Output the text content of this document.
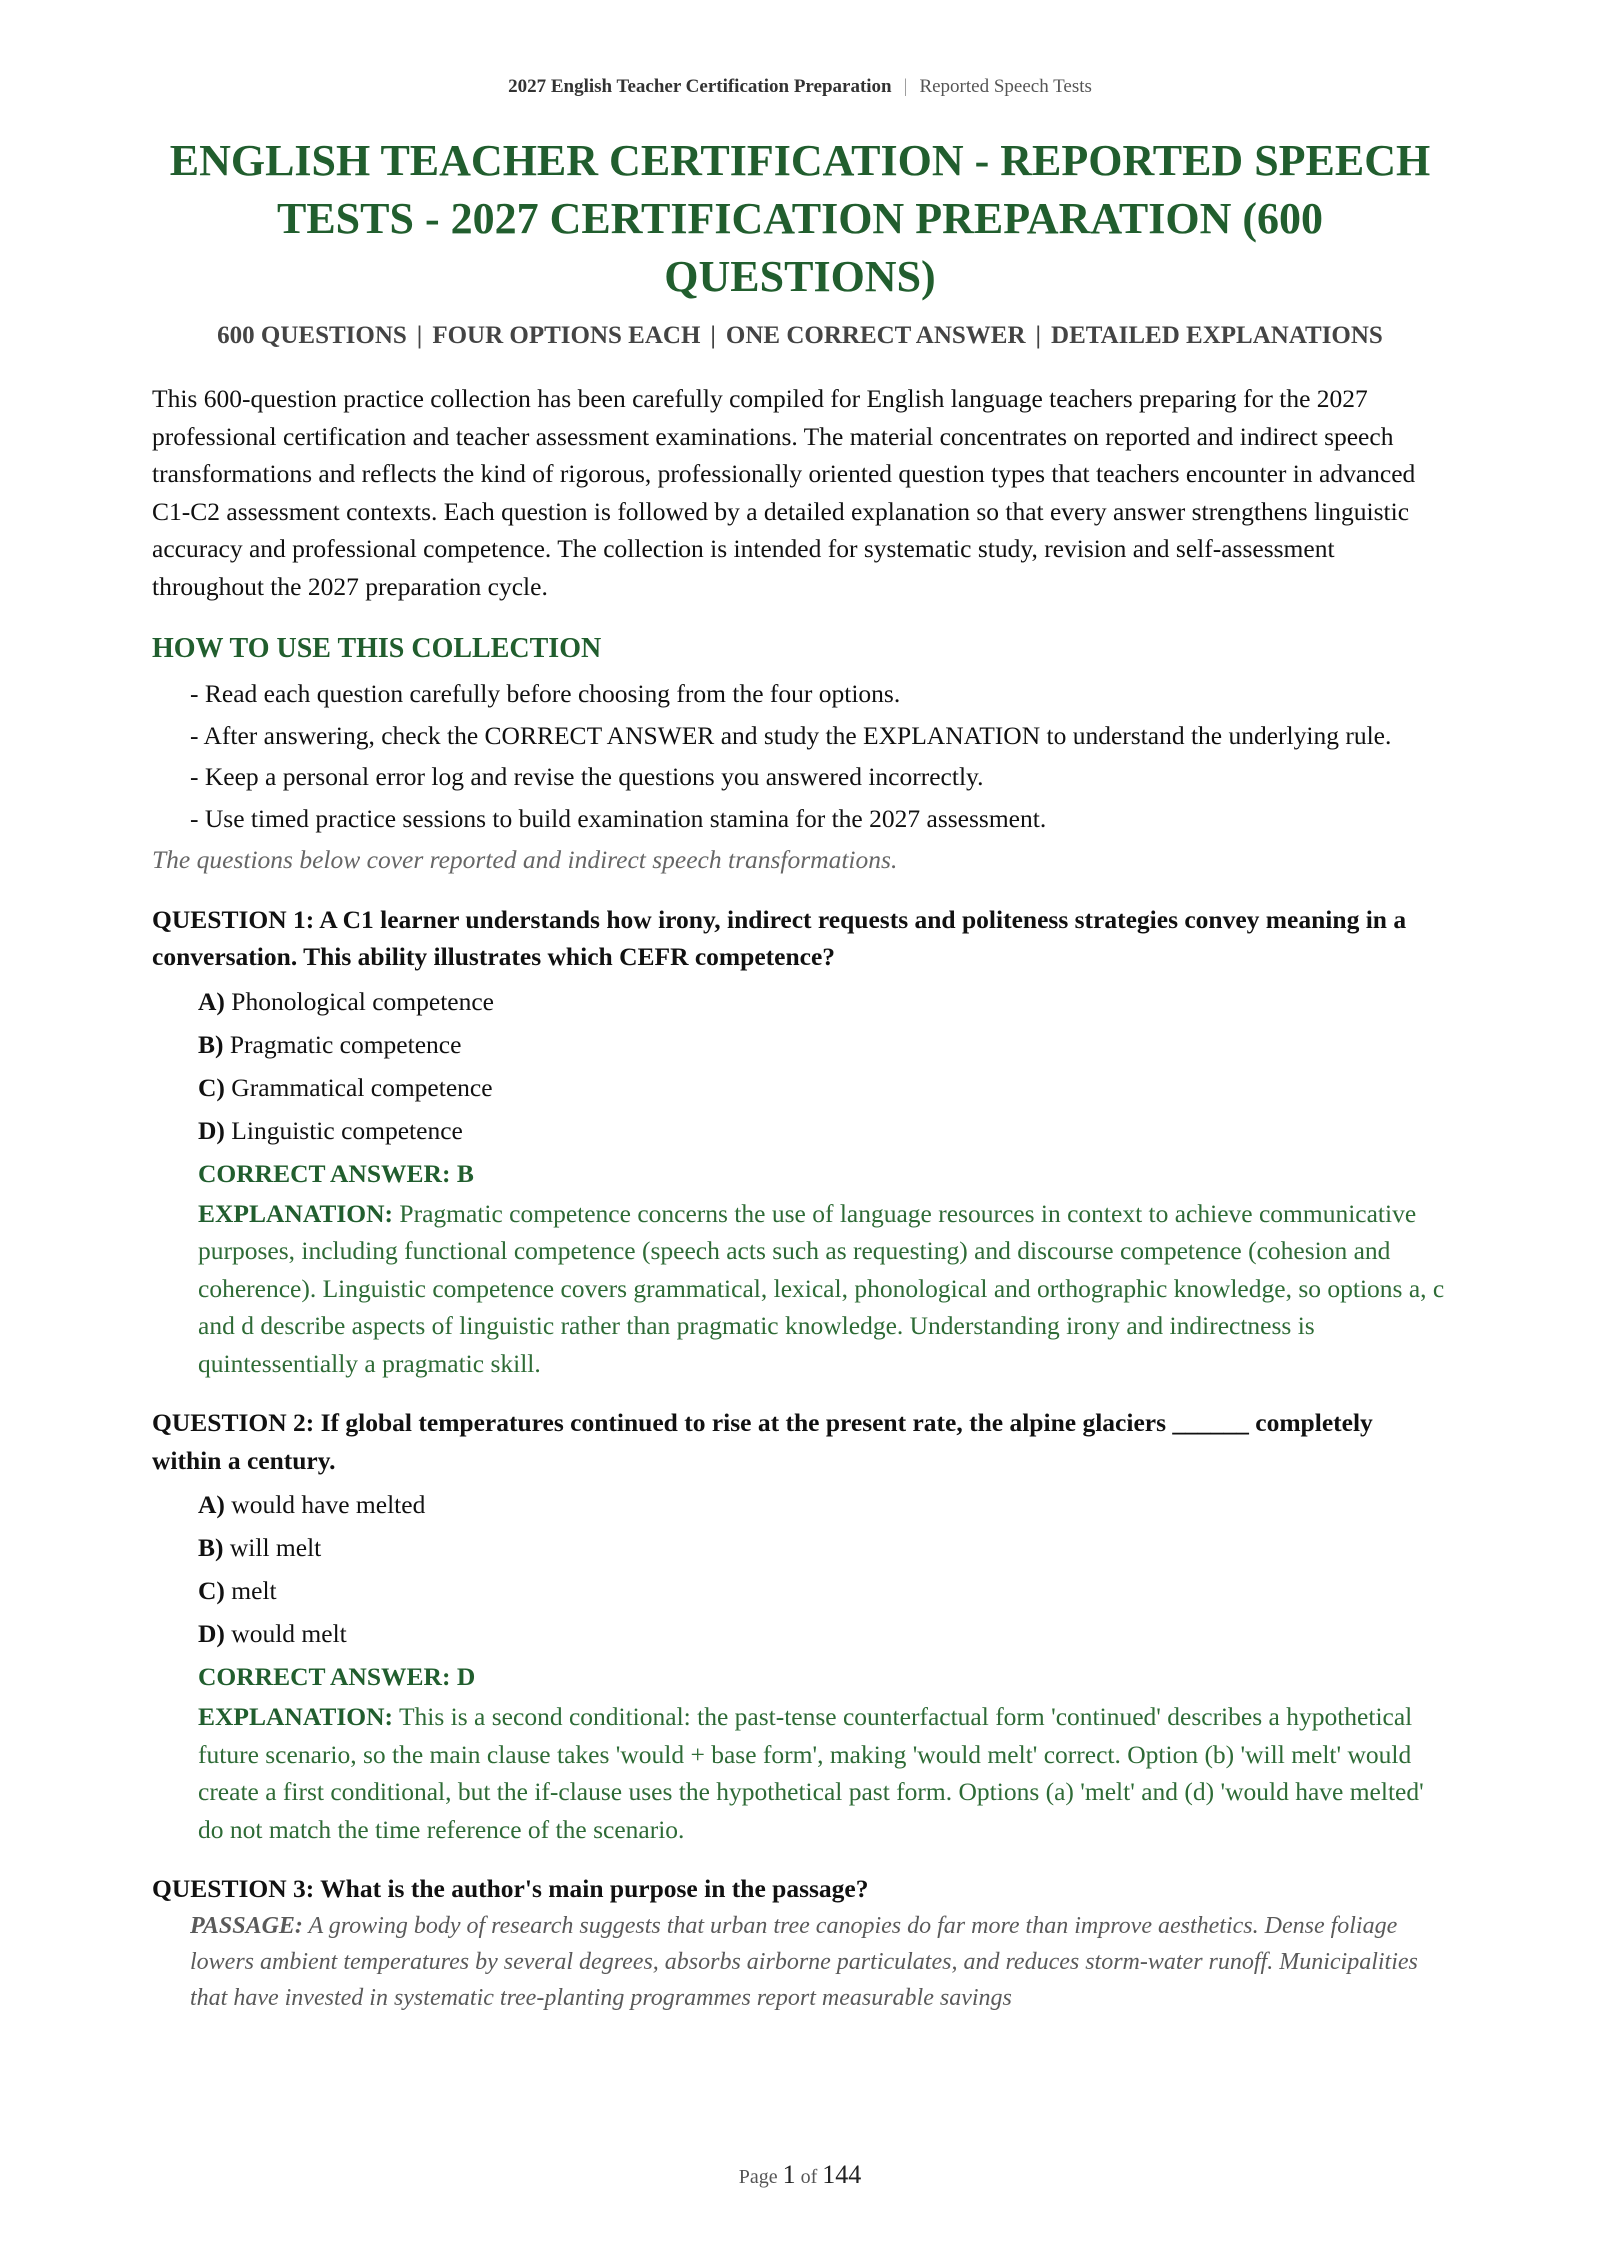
2027 English Teacher Certification Preparation | Reported Speech Tests
ENGLISH TEACHER CERTIFICATION - REPORTED SPEECH TESTS - 2027 CERTIFICATION PREPARATION (600 QUESTIONS)
600 QUESTIONS | FOUR OPTIONS EACH | ONE CORRECT ANSWER | DETAILED EXPLANATIONS

This 600-question practice collection has been carefully compiled for English language teachers preparing for the 2027 professional certification and teacher assessment examinations. The material concentrates on reported and indirect speech transformations and reflects the kind of rigorous, professionally oriented question types that teachers encounter in advanced C1-C2 assessment contexts. Each question is followed by a detailed explanation so that every answer strengthens linguistic accuracy and professional competence. The collection is intended for systematic study, revision and self-assessment throughout the 2027 preparation cycle.

HOW TO USE THIS COLLECTION
- Read each question carefully before choosing from the four options.
- After answering, check the CORRECT ANSWER and study the EXPLANATION to understand the underlying rule.
- Keep a personal error log and revise the questions you answered incorrectly.
- Use timed practice sessions to build examination stamina for the 2027 assessment.

The questions below cover reported and indirect speech transformations.

QUESTION 1: A C1 learner understands how irony, indirect requests and politeness strategies convey meaning in a conversation. This ability illustrates which CEFR competence?

A) Phonological competence
B) Pragmatic competence
C) Grammatical competence
D) Linguistic competence
CORRECT ANSWER: B

EXPLANATION: Pragmatic competence concerns the use of language resources in context to achieve communicative purposes, including functional competence (speech acts such as requesting) and discourse competence (cohesion and coherence). Linguistic competence covers grammatical, lexical, phonological and orthographic knowledge, so options a, c and d describe aspects of linguistic rather than pragmatic knowledge. Understanding irony and indirectness is quintessentially a pragmatic skill.

QUESTION 2: If global temperatures continued to rise at the present rate, the alpine glaciers ______ completely within a century.

A) would have melted
B) will melt
C) melt
D) would melt
CORRECT ANSWER: D

EXPLANATION: This is a second conditional: the past-tense counterfactual form 'continued' describes a hypothetical future scenario, so the main clause takes 'would + base form', making 'would melt' correct. Option (b) 'will melt' would create a first conditional, but the if-clause uses the hypothetical past form. Options (a) 'melt' and (d) 'would have melted' do not match the time reference of the scenario.

QUESTION 3: What is the author's main purpose in the passage?

PASSAGE: A growing body of research suggests that urban tree canopies do far more than improve aesthetics. Dense foliage lowers ambient temperatures by several degrees, absorbs airborne particulates, and reduces storm-water runoff. Municipalities that have invested in systematic tree-planting programmes report measurable savings

Page 1 of 144
